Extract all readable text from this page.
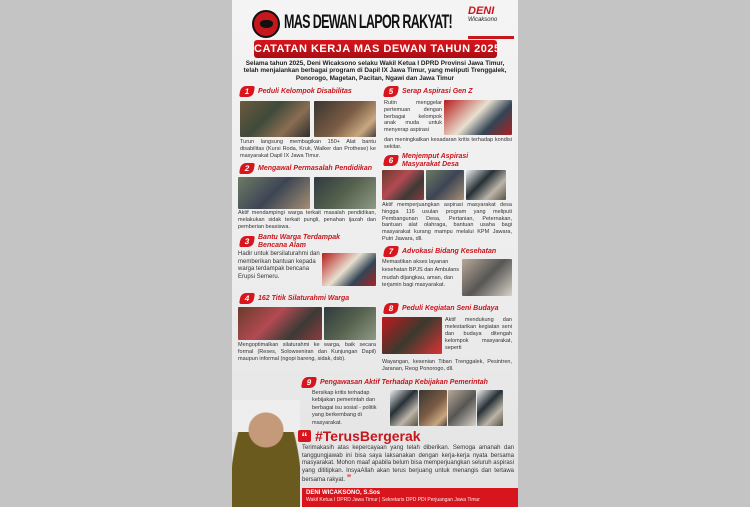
MAS DEWAN LAPOR RAKYAT!
DENI
Wicaksono
CATATAN KERJA MAS DEWAN TAHUN 2025
Selama tahun 2025, Deni Wicaksono selaku Wakil Ketua I DPRD Provinsi Jawa Timur, telah menjalankan berbagai program di Dapil IX Jawa Timur, yang meliputi Trenggalek, Ponorogo, Magetan, Pacitan, Ngawi dan Jawa Timur
1	Peduli Kelompok Disabilitas
Turun langsung membagikan 150+ Alat bantu disabilitas (Kursi Roda, Kruk, Walker dan Prothese) ke masyarakat Dapil IX Jawa Timur.
2	Mengawal Permasalah Pendidikan
Aktif mendampingi warga terkait masalah pendidikan, melakukan sidak terkait pungli, penahan ijazah dan pemberian beasiswa.
3	Bantu Warga Terdampak Bencana Alam
Hadir untuk bersilaturahmi dan memberikan bantuan kepada warga terdampak bencana Erupsi Semeru.
4	162 Titik Silaturahmi Warga
Mengoptimalkan silaturahmi ke warga, baik secara formal (Reses, Solowseniran dan Kunjungan Dapil) maupun informal (ngopi bareng, sidak, dsb).
5	Serap Aspirasi Gen Z
Rutin menggelar pertemuan dengan berbagai kelompok anak muda untuk menyerap aspirasi
dan meningkatkan kesadaran kritis terhadap kondisi sekitar.
6	Menjemput Aspirasi Masyarakat Desa
Aktif memperjuangkan aspirasi masyarakat desa hingga 116 usulan program yang meliputi Pembangunan Desa, Pertanian, Peternakan, bantuan alat olahraga, bantuan usaha bagi masyarakat kurang mampu melalui KPM Jawara, Putri Jawara, dll.
7	Advokasi Bidang Kesehatan
Memastikan akses layanan kesehatan BPJS dan Ambulans mudah dijangkau, aman, dan terjamin bagi masyarakat.
8	Peduli Kegiatan Seni Budaya
Aktif mendukung dan melestarikan kegiatan seni dan budaya ditengah kelompok masyarakat, seperti
Wayangan, kesenian Tiban Trenggalek, Pesintren, Jaranan, Reog Ponorogo, dll.
9	Pengawasan Aktif Terhadap Kebijakan Pemerintah
Bersikap kritis terhadap kebijakan pemerintah dan berbagai isu sosial - politik yang berkembang di masyarakat.
“ #TerusBergerak
Terimakasih atas kepercayaan yang telah diberikan. Semoga amanah dan tanggungjawab ini bisa saya laksanakan dengan kerja-kerja nyata bersama masyarakat. Mohon maaf apabila belum bisa memperjuangkan seluruh aspirasi yang dititipkan. InsyaAllah akan terus berjuang untuk menangis dan tertawa bersama rakyat. ”
DENI WICAKSONO, S.Sos
Wakil Ketua I DPRD Jawa Timur | Sekretaris DPD PDI Perjuangan Jawa Timur
